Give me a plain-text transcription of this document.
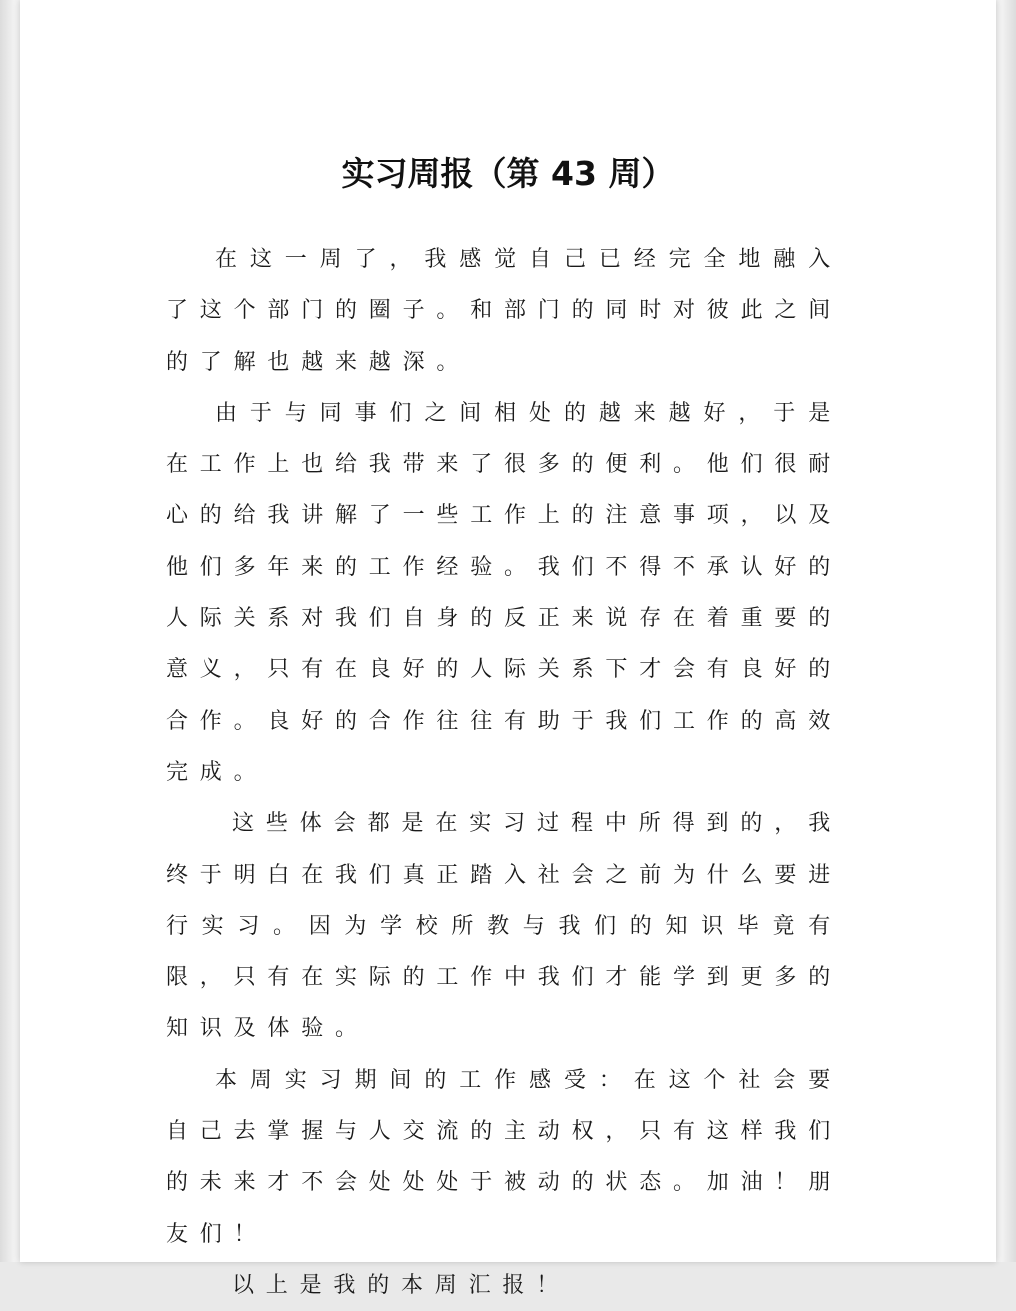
实习周报（第 43 周）

在这一周了，我感觉自己已经完全地融入了这个部门的圈子。和部门的同时对彼此之间的了解也越来越深。

由于与同事们之间相处的越来越好，于是在工作上也给我带来了很多的便利。他们很耐心的给我讲解了一些工作上的注意事项，以及他们多年来的工作经验。我们不得不承认好的人际关系对我们自身的反正来说存在着重要的意义，只有在良好的人际关系下才会有良好的合作。良好的合作往往有助于我们工作的高效完成。

这些体会都是在实习过程中所得到的，我终于明白在我们真正踏入社会之前为什么要进行实习。因为学校所教与我们的知识毕竟有限，只有在实际的工作中我们才能学到更多的知识及体验。

本周实习期间的工作感受：在这个社会要自己去掌握与人交流的主动权，只有这样我们的未来才不会处处处于被动的状态。加油！朋友们！

以上是我的本周汇报！
